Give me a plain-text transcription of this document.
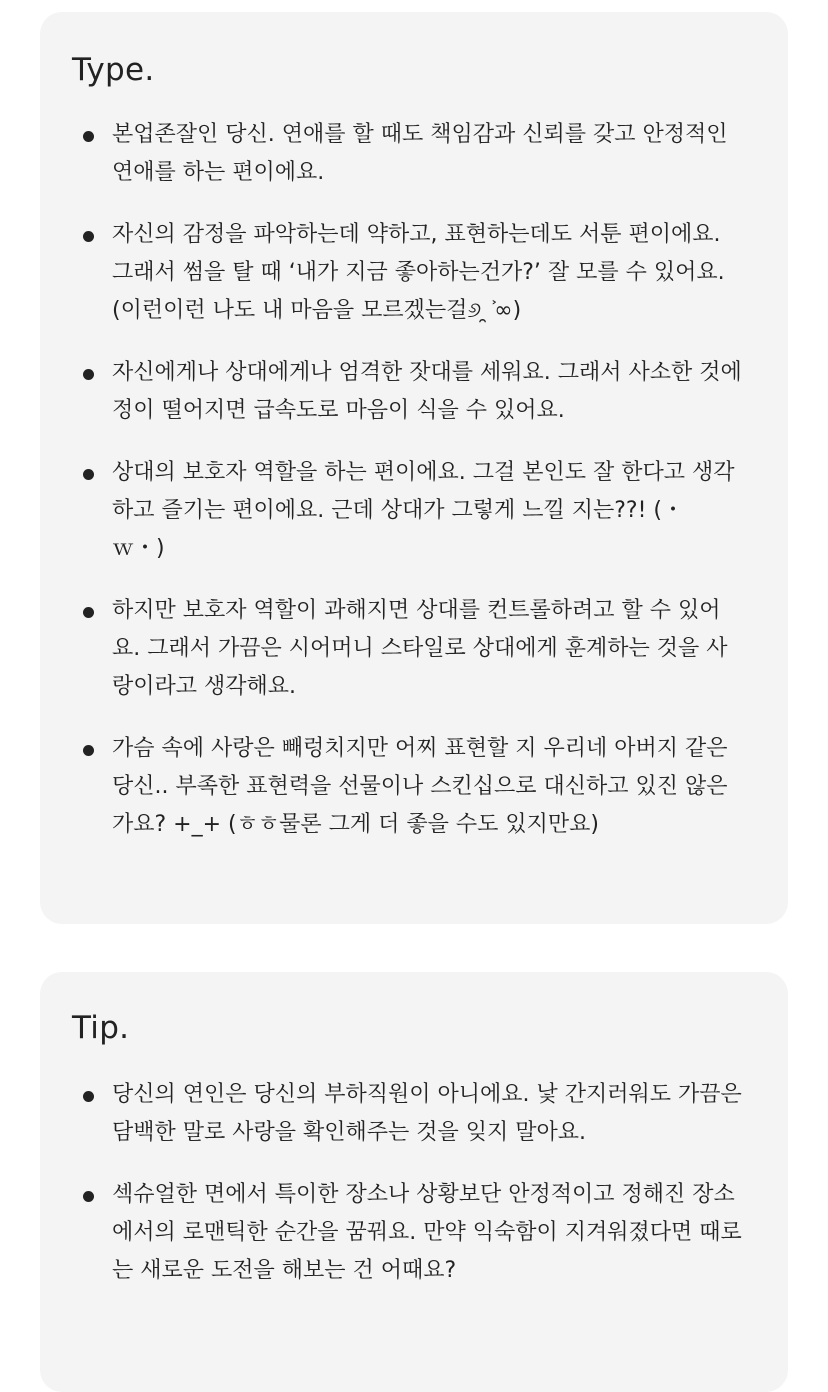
Type.
본업존잘인 당신. 연애를 할 때도 책임감과 신뢰를 갖고 안정적인
연애를 하는 편이에요.
자신의 감정을 파악하는데 약하고, 표현하는데도 서툰 편이에요.
그래서 썸을 탈 때 ‘내가 지금 좋아하는건가?’ 잘 모를 수 있어요.
(이런이런 나도 내 마음을 모르겠는걸୬ ̯ ͐∞)
자신에게나 상대에게나 엄격한 잣대를 세워요. 그래서 사소한 것에
정이 떨어지면 급속도로 마음이 식을 수 있어요.
상대의 보호자 역할을 하는 편이에요. 그걸 본인도 잘 한다고 생각
하고 즐기는 편이에요. 근데 상대가 그렇게 느낄 지는??! (・
ｗ・)
하지만 보호자 역할이 과해지면 상대를 컨트롤하려고 할 수 있어
요. 그래서 가끔은 시어머니 스타일로 상대에게 훈계하는 것을 사
랑이라고 생각해요.
가슴 속에 사랑은 빼렁치지만 어찌 표현할 지 우리네 아버지 같은
당신.. 부족한 표현력을 선물이나 스킨십으로 대신하고 있진 않은
가요? +_+ (ㅎㅎ물론 그게 더 좋을 수도 있지만요)
Tip.
당신의 연인은 당신의 부하직원이 아니에요. 낯 간지러워도 가끔은
담백한 말로 사랑을 확인해주는 것을 잊지 말아요.
섹슈얼한 면에서 특이한 장소나 상황보단 안정적이고 정해진 장소
에서의 로맨틱한 순간을 꿈꿔요. 만약 익숙함이 지겨워졌다면 때로
는 새로운 도전을 해보는 건 어때요?
